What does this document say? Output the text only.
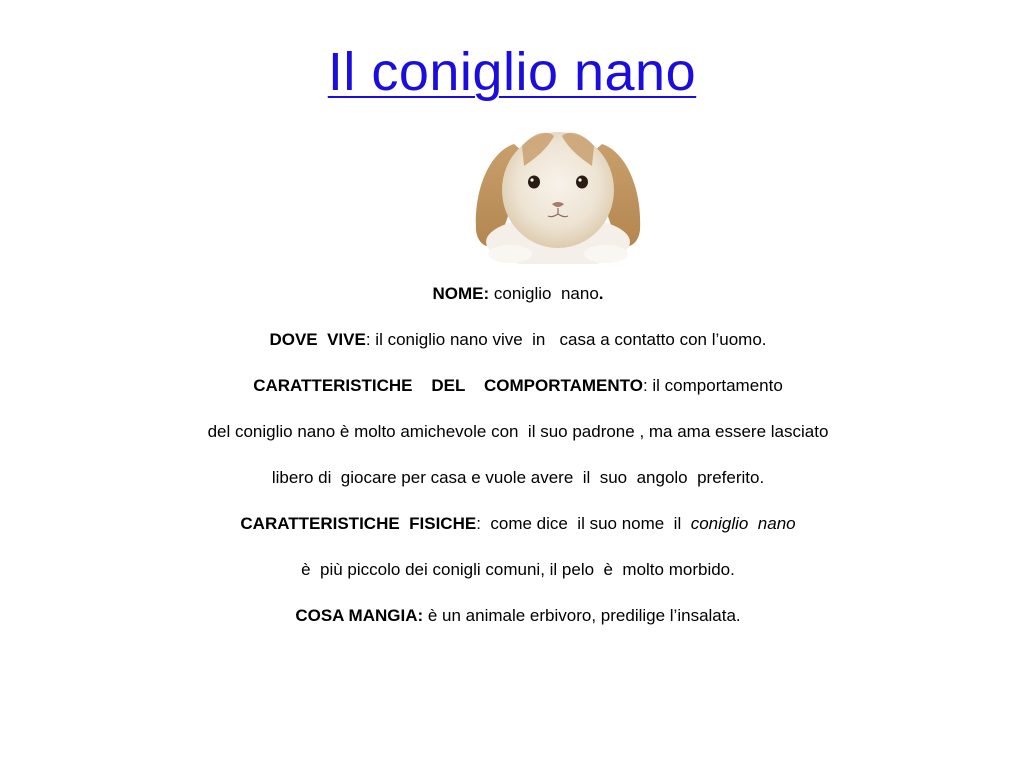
Il coniglio nano

NOME: coniglio  nano.

DOVE  VIVE: il coniglio nano vive  in   casa a contatto con l’uomo.

CARATTERISTICHE    DEL    COMPORTAMENTO: il comportamento

del coniglio nano è molto amichevole con  il suo padrone , ma ama essere lasciato

libero di  giocare per casa e vuole avere  il  suo  angolo  preferito.

CARATTERISTICHE  FISICHE:  come dice  il suo nome  il  coniglio  nano

è  più piccolo dei conigli comuni, il pelo  è  molto morbido.

COSA MANGIA: è un animale erbivoro, predilige l’insalata.
